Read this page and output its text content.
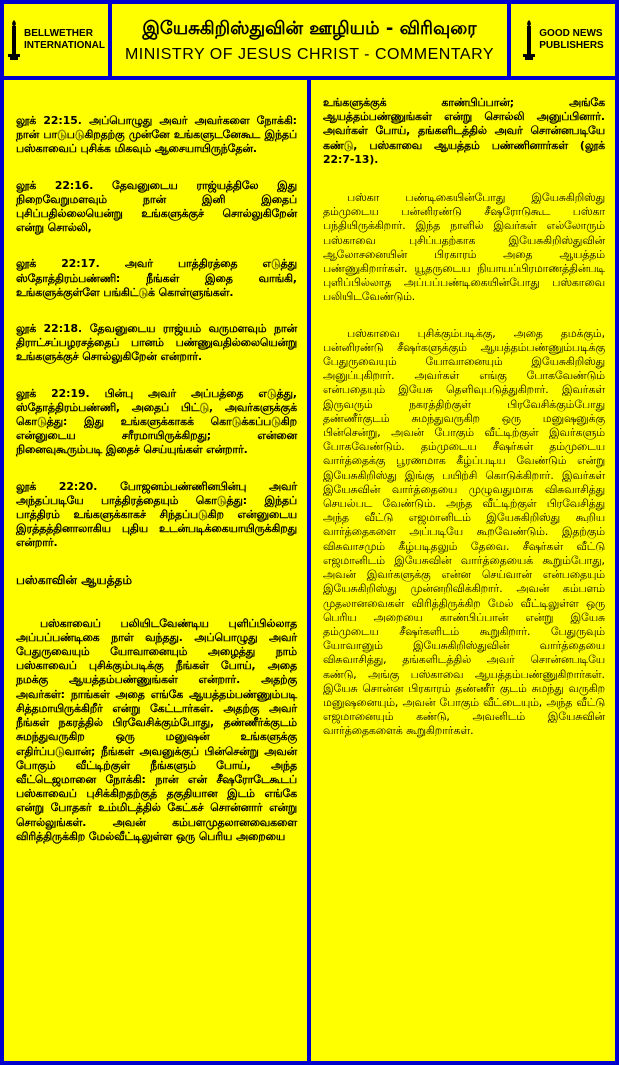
BELLWETHER
INTERNATIONAL
இயேசுகிறிஸ்துவின் ஊழியம் - விரிவுரை
MINISTRY OF JESUS CHRIST - COMMENTARY
GOOD NEWS
PUBLISHERS

லூக் 22:15. அப்பொழுது அவர் அவர்களை நோக்கி: நான் பாடுபடுகிறதற்கு முன்னே உங்களுடனேகூட இந்தப் பஸ்காவைப் புசிக்க மிகவும் ஆசையாயிருந்தேன்.

லூக் 22:16. தேவனுடைய ராஜ்யத்திலே இது நிறைவேறுமளவும் நான் இனி இதைப் புசிப்பதில்லையென்று உங்களுக்குச் சொல்லுகிறேன் என்று சொல்லி,

லூக் 22:17. அவர் பாத்திரத்தை எடுத்து ஸ்தோத்திரம்பண்ணி: நீங்கள் இதை வாங்கி, உங்களுக்குள்ளே பங்கிட்டுக் கொள்ளுங்கள்.

லூக் 22:18. தேவனுடைய ராஜ்யம் வருமளவும் நான் திராட்சப்பழரசத்தைப் பானம் பண்ணுவதில்லையென்று உங்களுக்குச் சொல்லுகிறேன் என்றார்.

லூக் 22:19. பின்பு அவர் அப்பத்தை எடுத்து, ஸ்தோத்திரம்பண்ணி, அதைப் பிட்டு, அவர்களுக்குக் கொடுத்து: இது உங்களுக்காகக் கொடுக்கப்படுகிற என்னுடைய சரீரமாயிருக்கிறது; என்னை நினைவுகூரும்படி இதைச் செய்யுங்கள் என்றார்.

லூக் 22:20. போஜனம்பண்ணினபின்பு அவர் அந்தப்படியே பாத்திரத்தையும் கொடுத்து: இந்தப் பாத்திரம் உங்களுக்காகச் சிந்தப்படுகிற என்னுடைய இரத்தத்தினாலாகிய புதிய உடன்படிக்கையாயிருக்கிறது என்றார்.

பஸ்காவின் ஆயத்தம்

பஸ்காவைப் பலியிடவேண்டிய புளிப்பில்லாத அப்பப்பண்டிகை நாள் வந்தது. அப்பொழுது அவர் பேதுருவையும் யோவானையும் அழைத்து நாம் பஸ்காவைப் புசிக்கும்படிக்கு நீங்கள் போய், அதை நமக்கு ஆயத்தம்பண்ணுங்கள் என்றார். அதற்கு அவர்கள்: நாங்கள் அதை எங்கே ஆயத்தம்பண்ணும்படி சித்தமாயிருக்கிறீர் என்று கேட்டார்கள். அதற்கு அவர் நீங்கள் நகரத்தில் பிரவேசிக்கும்போது, தண்ணீர்க்குடம் சுமந்துவருகிற ஒரு மனுஷன் உங்களுக்கு எதிர்ப்படுவான்; நீங்கள் அவனுக்குப் பின்சென்று அவன் போகும் வீட்டிற்குள் நீங்களும் போய், அந்த வீட்டெஜமானை நோக்கி: நான் என் சீஷரோடேகூடப் பஸ்காவைப் புசிக்கிறதற்குத் தகுதியான இடம் எங்கே என்று போதகர் உம்மிடத்தில் கேட்கச் சொன்னார் என்று சொல்லுங்கள். அவன் கம்பளமுதலானவைகளை விரித்திருக்கிற மேல்வீட்டிலுள்ள ஒரு பெரிய அறையை

உங்களுக்குக் காண்பிப்பான்; அங்கே ஆயத்தம்பண்ணுங்கள் என்று சொல்லி அனுப்பினார். அவர்கள் போய், தங்களிடத்தில் அவர் சொன்னபடியே கண்டு, பஸ்காவை ஆயத்தம் பண்ணினார்கள் (லூக் 22:7-13).

பஸ்கா பண்டிகையின்போது இயேசுகிறிஸ்து தம்முடைய பன்னிரண்டு சீஷரோடுகூட பஸ்கா பந்தியிருக்கிறார். இந்த நாளில் இவர்கள் எல்லோரும் பஸ்காவை புசிப்பதற்காக இயேசுகிறிஸ்துவின் ஆலோசனையின் பிரகாரம் அதை ஆயத்தம் பண்ணுகிறார்கள். யூதருடைய நியாயப்பிரமாணத்தின்படி புளிப்பில்லாத அப்பப்பண்டிகையின்போது பஸ்காவை பலியிடவேண்டும்.

பஸ்காவை புசிக்கும்படிக்கு, அதை தமக்கும், பன்னிரண்டு சீஷர்களுக்கும் ஆயத்தம்பண்ணும்படிக்கு பேதுருவையும் யோவானையும் இயேசுகிறிஸ்து அனுப்புகிறார். அவர்கள் எங்கு போகவேண்டும் என்பதையும் இயேசு தெளிவுபடுத்துகிறார். இவர்கள் இருவரும் நகரத்திற்குள் பிரவேசிக்கும்போது தண்ணீர்குடம் சுமந்துவருகிற ஒரு மனுஷனுக்கு பின்சென்று, அவன் போகும் வீட்டிற்குள் இவர்களும் போகவேண்டும். தம்முடைய சீஷர்கள் தம்முடைய வார்த்தைக்கு பூரணமாக கீழ்ப்படிய வேண்டும் என்று இயேசுகிறிஸ்து இங்கு பயிற்சி கொடுக்கிறார். இவர்கள் இயேசுவின் வார்த்தையை முழுவதுமாக விசுவாசித்து செயல்பட வேண்டும். அந்த வீட்டிற்குள் பிரவேசித்து அந்த வீட்டு எஜமானிடம் இயேசுகிறிஸ்து கூறிய வார்த்தைகளை அப்படியே கூறவேண்டும். இதற்கும் விசுவாசமும் கீழ்படிதலும் தேவை. சீஷர்கள் வீட்டு எஜமானிடம் இயேசுவின் வார்த்தையைக் கூறும்போது, அவன் இவர்களுக்கு என்ன செய்வான் என்பதையும் இயேசுகிறிஸ்து முன்னறிவிக்கிறார். அவன் கம்பளம் முதலானவைகள் விரித்திருக்கிற மேல் வீட்டிலுள்ள ஒரு பெரிய அறையை காண்பிப்பான் என்று இயேசு தம்முடைய சீஷர்களிடம் கூறுகிறார். பேதுருவும் யோவானும் இயேசுகிறிஸ்துவின் வார்த்தையை விசுவாசித்து, தங்களிடத்தில் அவர் சொன்னபடியே கண்டு, அங்கு பஸ்காவை ஆயத்தம்பண்ணுகிறார்கள். இயேசு சொன்ன பிரகாரம் தண்ணீர் குடம் சுமந்து வருகிற மனுஷனையும், அவன் போகும் வீட்டையும், அந்த வீட்டு எஜமானையும் கண்டு, அவனிடம் இயேசுவின் வார்த்தைகளைக் கூறுகிறார்கள்.
